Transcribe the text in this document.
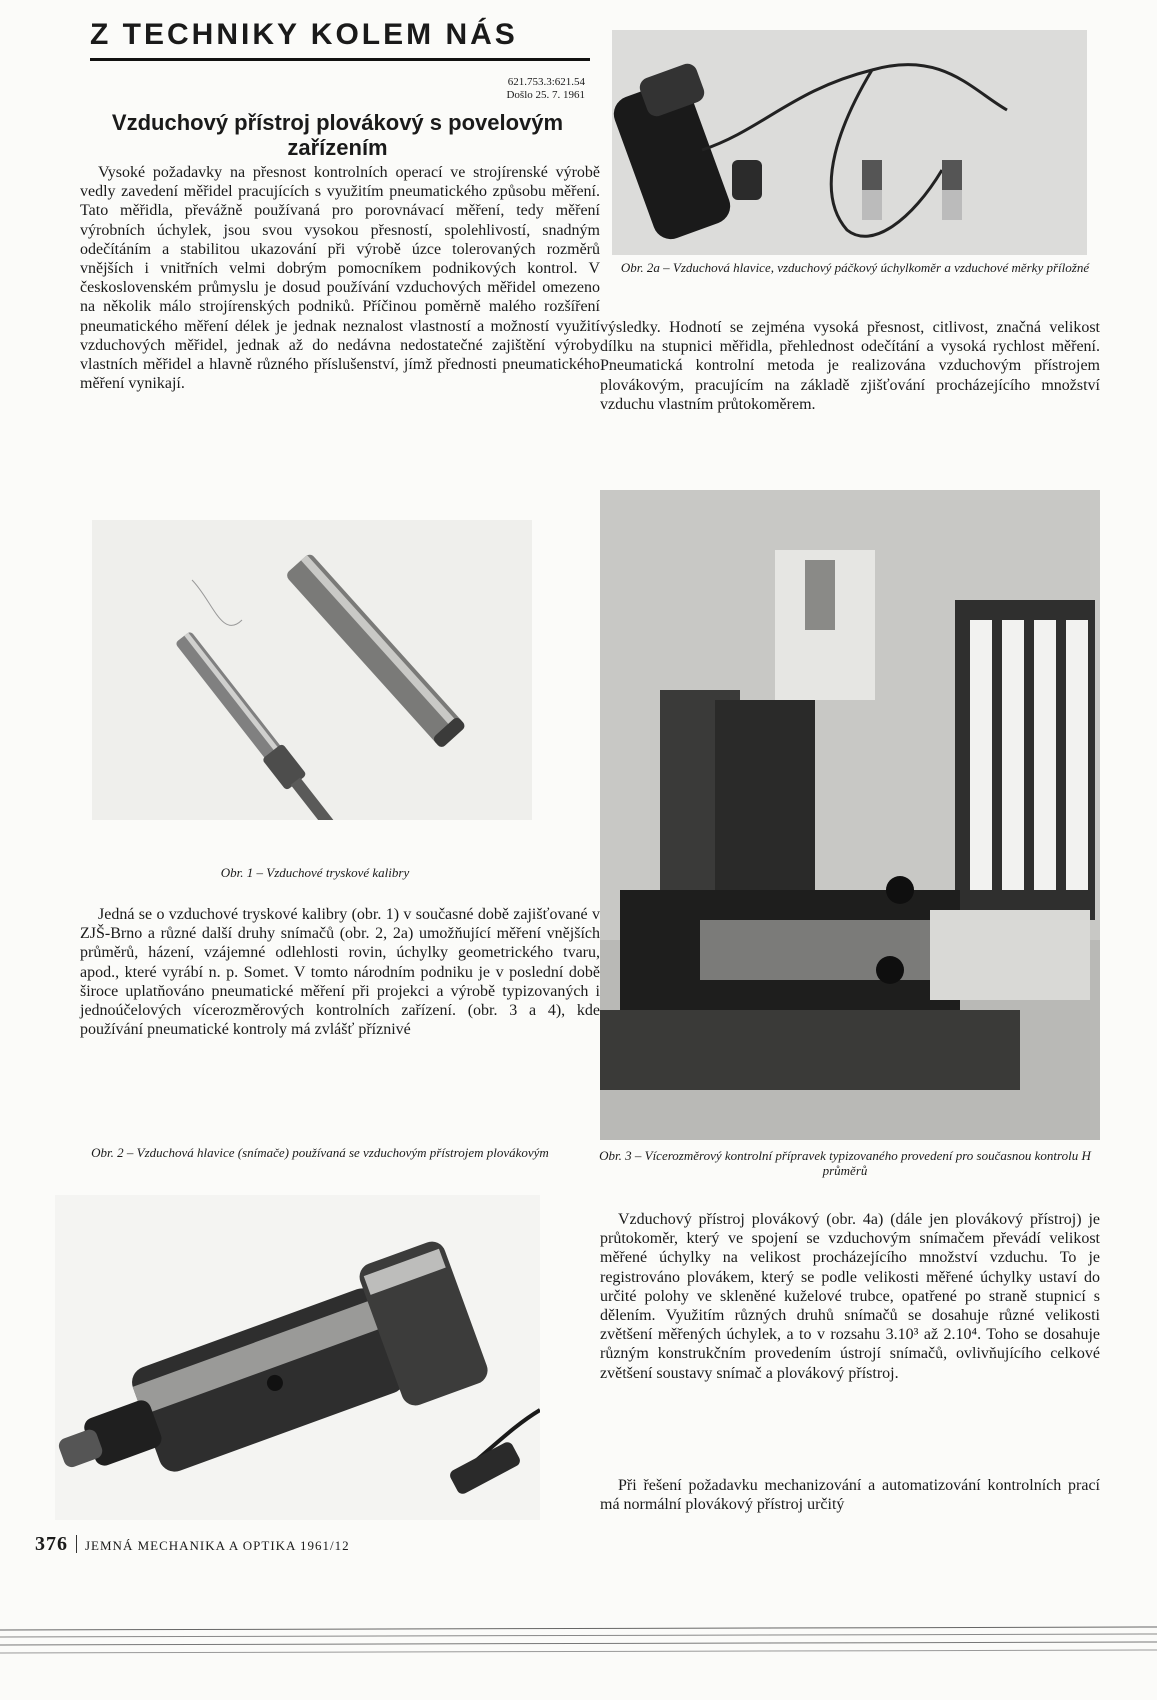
Z TECHNIKY KOLEM NÁS
621.753.3:621.54
Došlo 25. 7. 1961
Vzduchový přístroj plovákový s povelovým zařízením

Vysoké požadavky na přesnost kontrolních operací ve strojírenské výrobě vedly zavedení měřidel pracujících s využitím pneumatického způsobu měření. Tato měřidla, převážně používaná pro porovnávací měření, tedy měření výrobních úchylek, jsou svou vysokou přesností, spolehlivostí, snadným odečítáním a stabilitou ukazování při výrobě úzce tolerovaných rozměrů vnějších i vnitřních velmi dobrým pomocníkem podnikových kontrol. V československém průmyslu je dosud používání vzduchových měřidel omezeno na několik málo strojírenských podniků. Příčinou poměrně malého rozšíření pneumatického měření délek je jednak neznalost vlastností a možností využití vzduchových měřidel, jednak až do nedávna nedostatečné zajištění výroby vlastních měřidel a hlavně různého příslušenství, jímž přednosti pneumatického měření vynikají.

Obr. 1 – Vzduchové tryskové kalibry

Jedná se o vzduchové tryskové kalibry (obr. 1) v současné době zajišťované v ZJŠ-Brno a různé další druhy snímačů (obr. 2, 2a) umožňující měření vnějších průměrů, házení, vzájemné odlehlosti rovin, úchylky geometrického tvaru, apod., které vyrábí n. p. Somet. V tomto národním podniku je v poslední době široce uplatňováno pneumatické měření při projekci a výrobě typizovaných i jednoúčelových vícerozměrových kontrolních zařízení. (obr. 3 a 4), kde používání pneumatické kontroly má zvlášť příznivé

Obr. 2 – Vzduchová hlavice (snímače) používaná se vzduchovým přístrojem plovákovým
Obr. 2a – Vzduchová hlavice, vzduchový páčkový úchylkoměr a vzduchové měrky příložné

výsledky. Hodnotí se zejména vysoká přesnost, citlivost, značná velikost dílku na stupnici měřidla, přehlednost odečítání a vysoká rychlost měření. Pneumatická kontrolní metoda je realizována vzduchovým přístrojem plovákovým, pracujícím na základě zjišťování procházejícího množství vzduchu vlastním průtokoměrem.

Obr. 3 – Vícerozměrový kontrolní přípravek typizovaného provedení pro současnou kontrolu H průměrů

Vzduchový přístroj plovákový (obr. 4a) (dále jen plovákový přístroj) je průtokoměr, který ve spojení se vzduchovým snímačem převádí velikost měřené úchylky na velikost procházejícího množství vzduchu. To je registrováno plovákem, který se podle velikosti měřené úchylky ustaví do určité polohy ve skleněné kuželové trubce, opatřené po straně stupnicí s dělením. Využitím různých druhů snímačů se dosahuje různé velikosti zvětšení měřených úchylek, a to v rozsahu 3.10³ až 2.10⁴. Toho se dosahuje různým konstrukčním provedením ústrojí snímačů, ovlivňujícího celkové zvětšení soustavy snímač a plovákový přístroj.

Při řešení požadavku mechanizování a automatizování kontrolních prací má normální plovákový přístroj určitý

376 JEMNÁ MECHANIKA A OPTIKA 1961/12
